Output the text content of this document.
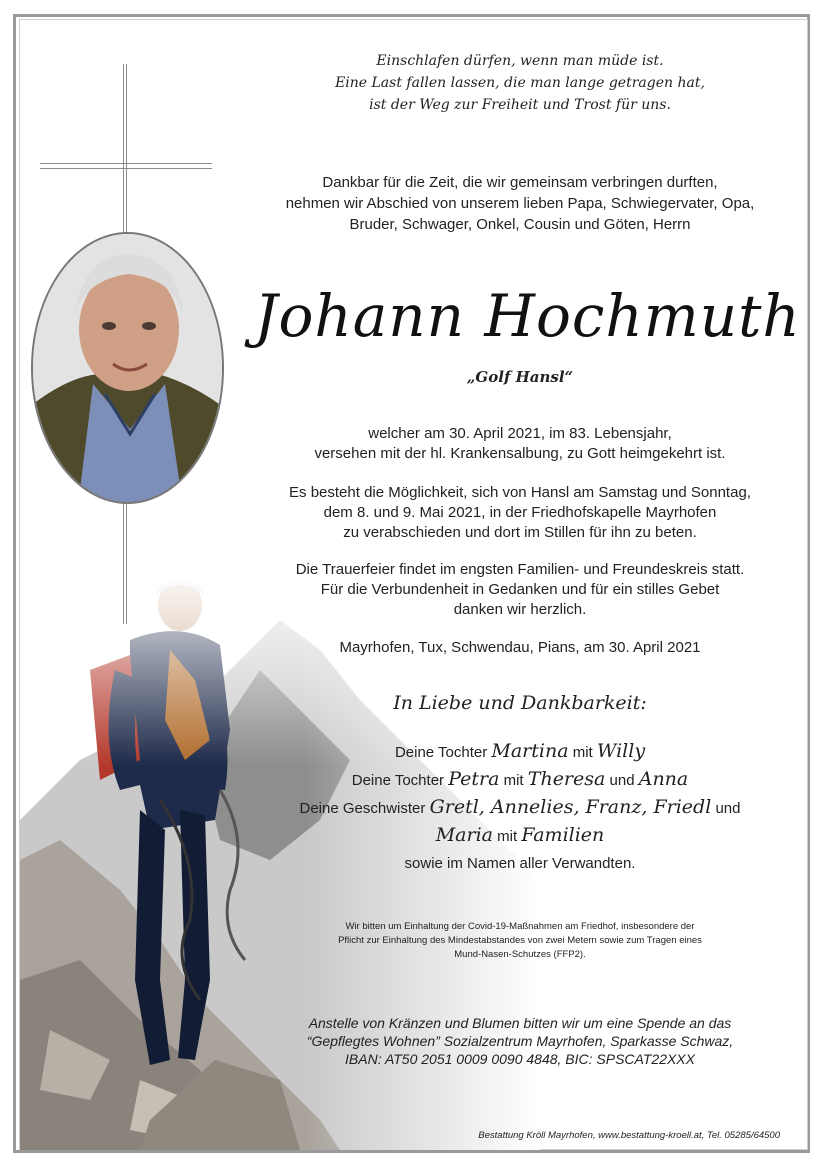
Einschlafen dürfen, wenn man müde ist.
Eine Last fallen lassen, die man lange getragen hat,
ist der Weg zur Freiheit und Trost für uns.
Dankbar für die Zeit, die wir gemeinsam verbringen durften,
nehmen wir Abschied von unserem lieben Papa, Schwiegervater, Opa,
Bruder, Schwager, Onkel, Cousin und Göten, Herrn
Johann Hochmuth
„Golf Hansl“
welcher am 30. April 2021, im 83. Lebensjahr,
versehen mit der hl. Krankensalbung, zu Gott heimgekehrt ist.
Es besteht die Möglichkeit, sich von Hansl am Samstag und Sonntag,
dem 8. und 9. Mai 2021, in der Friedhofskapelle Mayrhofen
zu verabschieden und dort im Stillen für ihn zu beten.
Die Trauerfeier findet im engsten Familien- und Freundeskreis statt.
Für die Verbundenheit in Gedanken und für ein stilles Gebet
danken wir herzlich.
Mayrhofen, Tux, Schwendau, Pians, am 30. April 2021
In Liebe und Dankbarkeit:
Deine Tochter Martina mit Willy
Deine Tochter Petra mit Theresa und Anna
Deine Geschwister Gretl, Annelies, Franz, Friedl und
Maria mit Familien
sowie im Namen aller Verwandten.
Wir bitten um Einhaltung der Covid-19-Maßnahmen am Friedhof, insbesondere der
Pflicht zur Einhaltung des Mindestabstandes von zwei Metern sowie zum Tragen eines
Mund-Nasen-Schutzes (FFP2).
Anstelle von Kränzen und Blumen bitten wir um eine Spende an das
“Gepflegtes Wohnen” Sozialzentrum Mayrhofen, Sparkasse Schwaz,
IBAN: AT50 2051 0009 0090 4848, BIC: SPSCAT22XXX
Bestattung Kröll Mayrhofen, www.bestattung-kroell.at, Tel. 05285/64500
